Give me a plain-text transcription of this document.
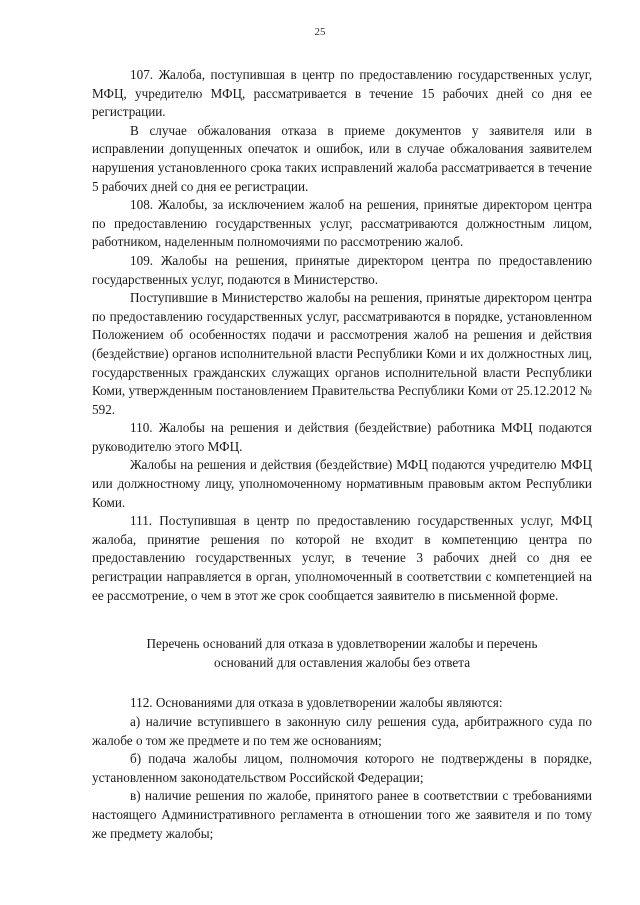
25

107. Жалоба, поступившая в центр по предоставлению государственных услуг, МФЦ, учредителю МФЦ, рассматривается в течение 15 рабочих дней со дня ее регистрации.

В случае обжалования отказа в приеме документов у заявителя или в исправлении допущенных опечаток и ошибок, или в случае обжалования заявителем нарушения установленного срока таких исправлений жалоба рассматривается в течение 5 рабочих дней со дня ее регистрации.

108. Жалобы, за исключением жалоб на решения, принятые директором центра по предоставлению государственных услуг, рассматриваются должностным лицом, работником, наделенным полномочиями по рассмотрению жалоб.

109. Жалобы на решения, принятые директором центра по предоставлению государственных услуг, подаются в Министерство.

Поступившие в Министерство жалобы на решения, принятые директором центра по предоставлению государственных услуг, рассматриваются в порядке, установленном Положением об особенностях подачи и рассмотрения жалоб на решения и действия (бездействие) органов исполнительной власти Республики Коми и их должностных лиц, государственных гражданских служащих органов исполнительной власти Республики Коми, утвержденным постановлением Правительства Республики Коми от 25.12.2012 № 592.

110. Жалобы на решения и действия (бездействие) работника МФЦ подаются руководителю этого МФЦ.

Жалобы на решения и действия (бездействие) МФЦ подаются учредителю МФЦ или должностному лицу, уполномоченному нормативным правовым актом Республики Коми.

111. Поступившая в центр по предоставлению государственных услуг, МФЦ жалоба, принятие решения по которой не входит в компетенцию центра по предоставлению государственных услуг, в течение 3 рабочих дней со дня ее регистрации направляется в орган, уполномоченный в соответствии с компетенцией на ее рассмотрение, о чем в этот же срок сообщается заявителю в письменной форме.

Перечень оснований для отказа в удовлетворении жалобы и перечень
оснований для оставления жалобы без ответа

112. Основаниями для отказа в удовлетворении жалобы являются:

а) наличие вступившего в законную силу решения суда, арбитражного суда по жалобе о том же предмете и по тем же основаниям;

б) подача жалобы лицом, полномочия которого не подтверждены в порядке, установленном законодательством Российской Федерации;

в) наличие решения по жалобе, принятого ранее в соответствии с требованиями настоящего Административного регламента в отношении того же заявителя и по тому же предмету жалобы;
